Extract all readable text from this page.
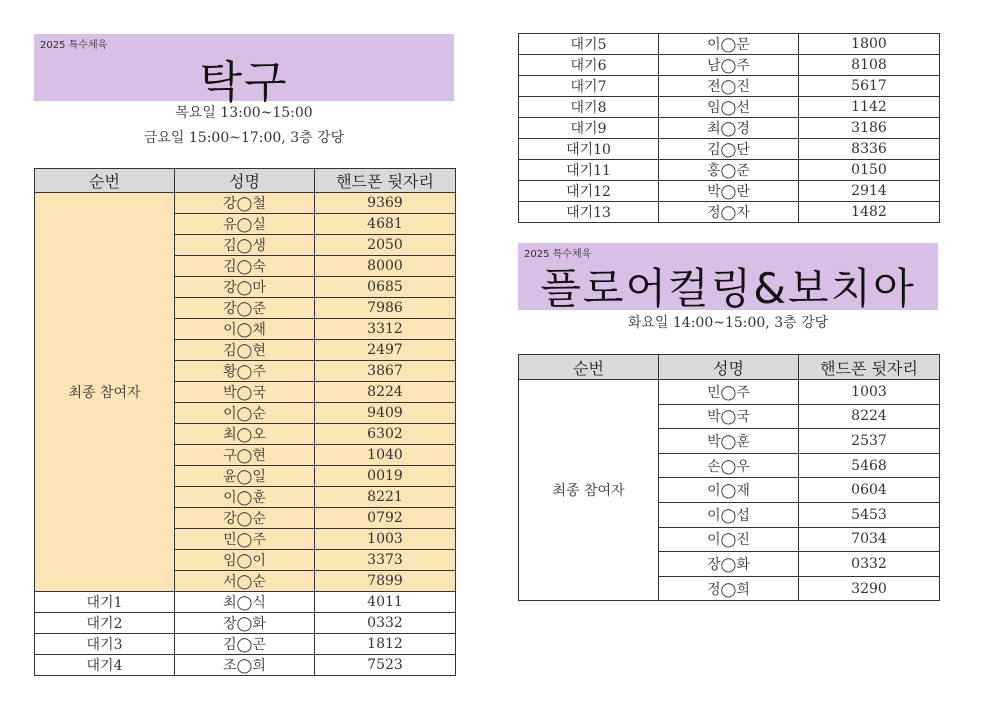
2025 특수체육
탁구
목요일 13:00~15:00
금요일 15:00~17:00, 3층 강당
순번	성명	핸드폰 뒷자리
최종 참여자	강◯철	9369
	유◯실	4681
	김◯생	2050
	김◯숙	8000
	강◯마	0685
	강◯준	7986
	이◯채	3312
	김◯현	2497
	황◯주	3867
	박◯국	8224
	이◯순	9409
	최◯오	6302
	구◯현	1040
	윤◯일	0019
	이◯훈	8221
	강◯순	0792
	민◯주	1003
	임◯이	3373
	서◯순	7899
대기1	최◯식	4011
대기2	장◯화	0332
대기3	김◯곤	1812
대기4	조◯희	7523
대기5	이◯문	1800
대기6	남◯주	8108
대기7	전◯진	5617
대기8	임◯선	1142
대기9	최◯경	3186
대기10	김◯단	8336
대기11	홍◯준	0150
대기12	박◯란	2914
대기13	정◯자	1482
2025 특수체육
플로어컬링&보치아
화요일 14:00~15:00, 3층 강당
순번	성명	핸드폰 뒷자리
최종 참여자	민◯주	1003
	박◯국	8224
	박◯훈	2537
	손◯우	5468
	이◯재	0604
	이◯섭	5453
	이◯진	7034
	장◯화	0332
	정◯희	3290
